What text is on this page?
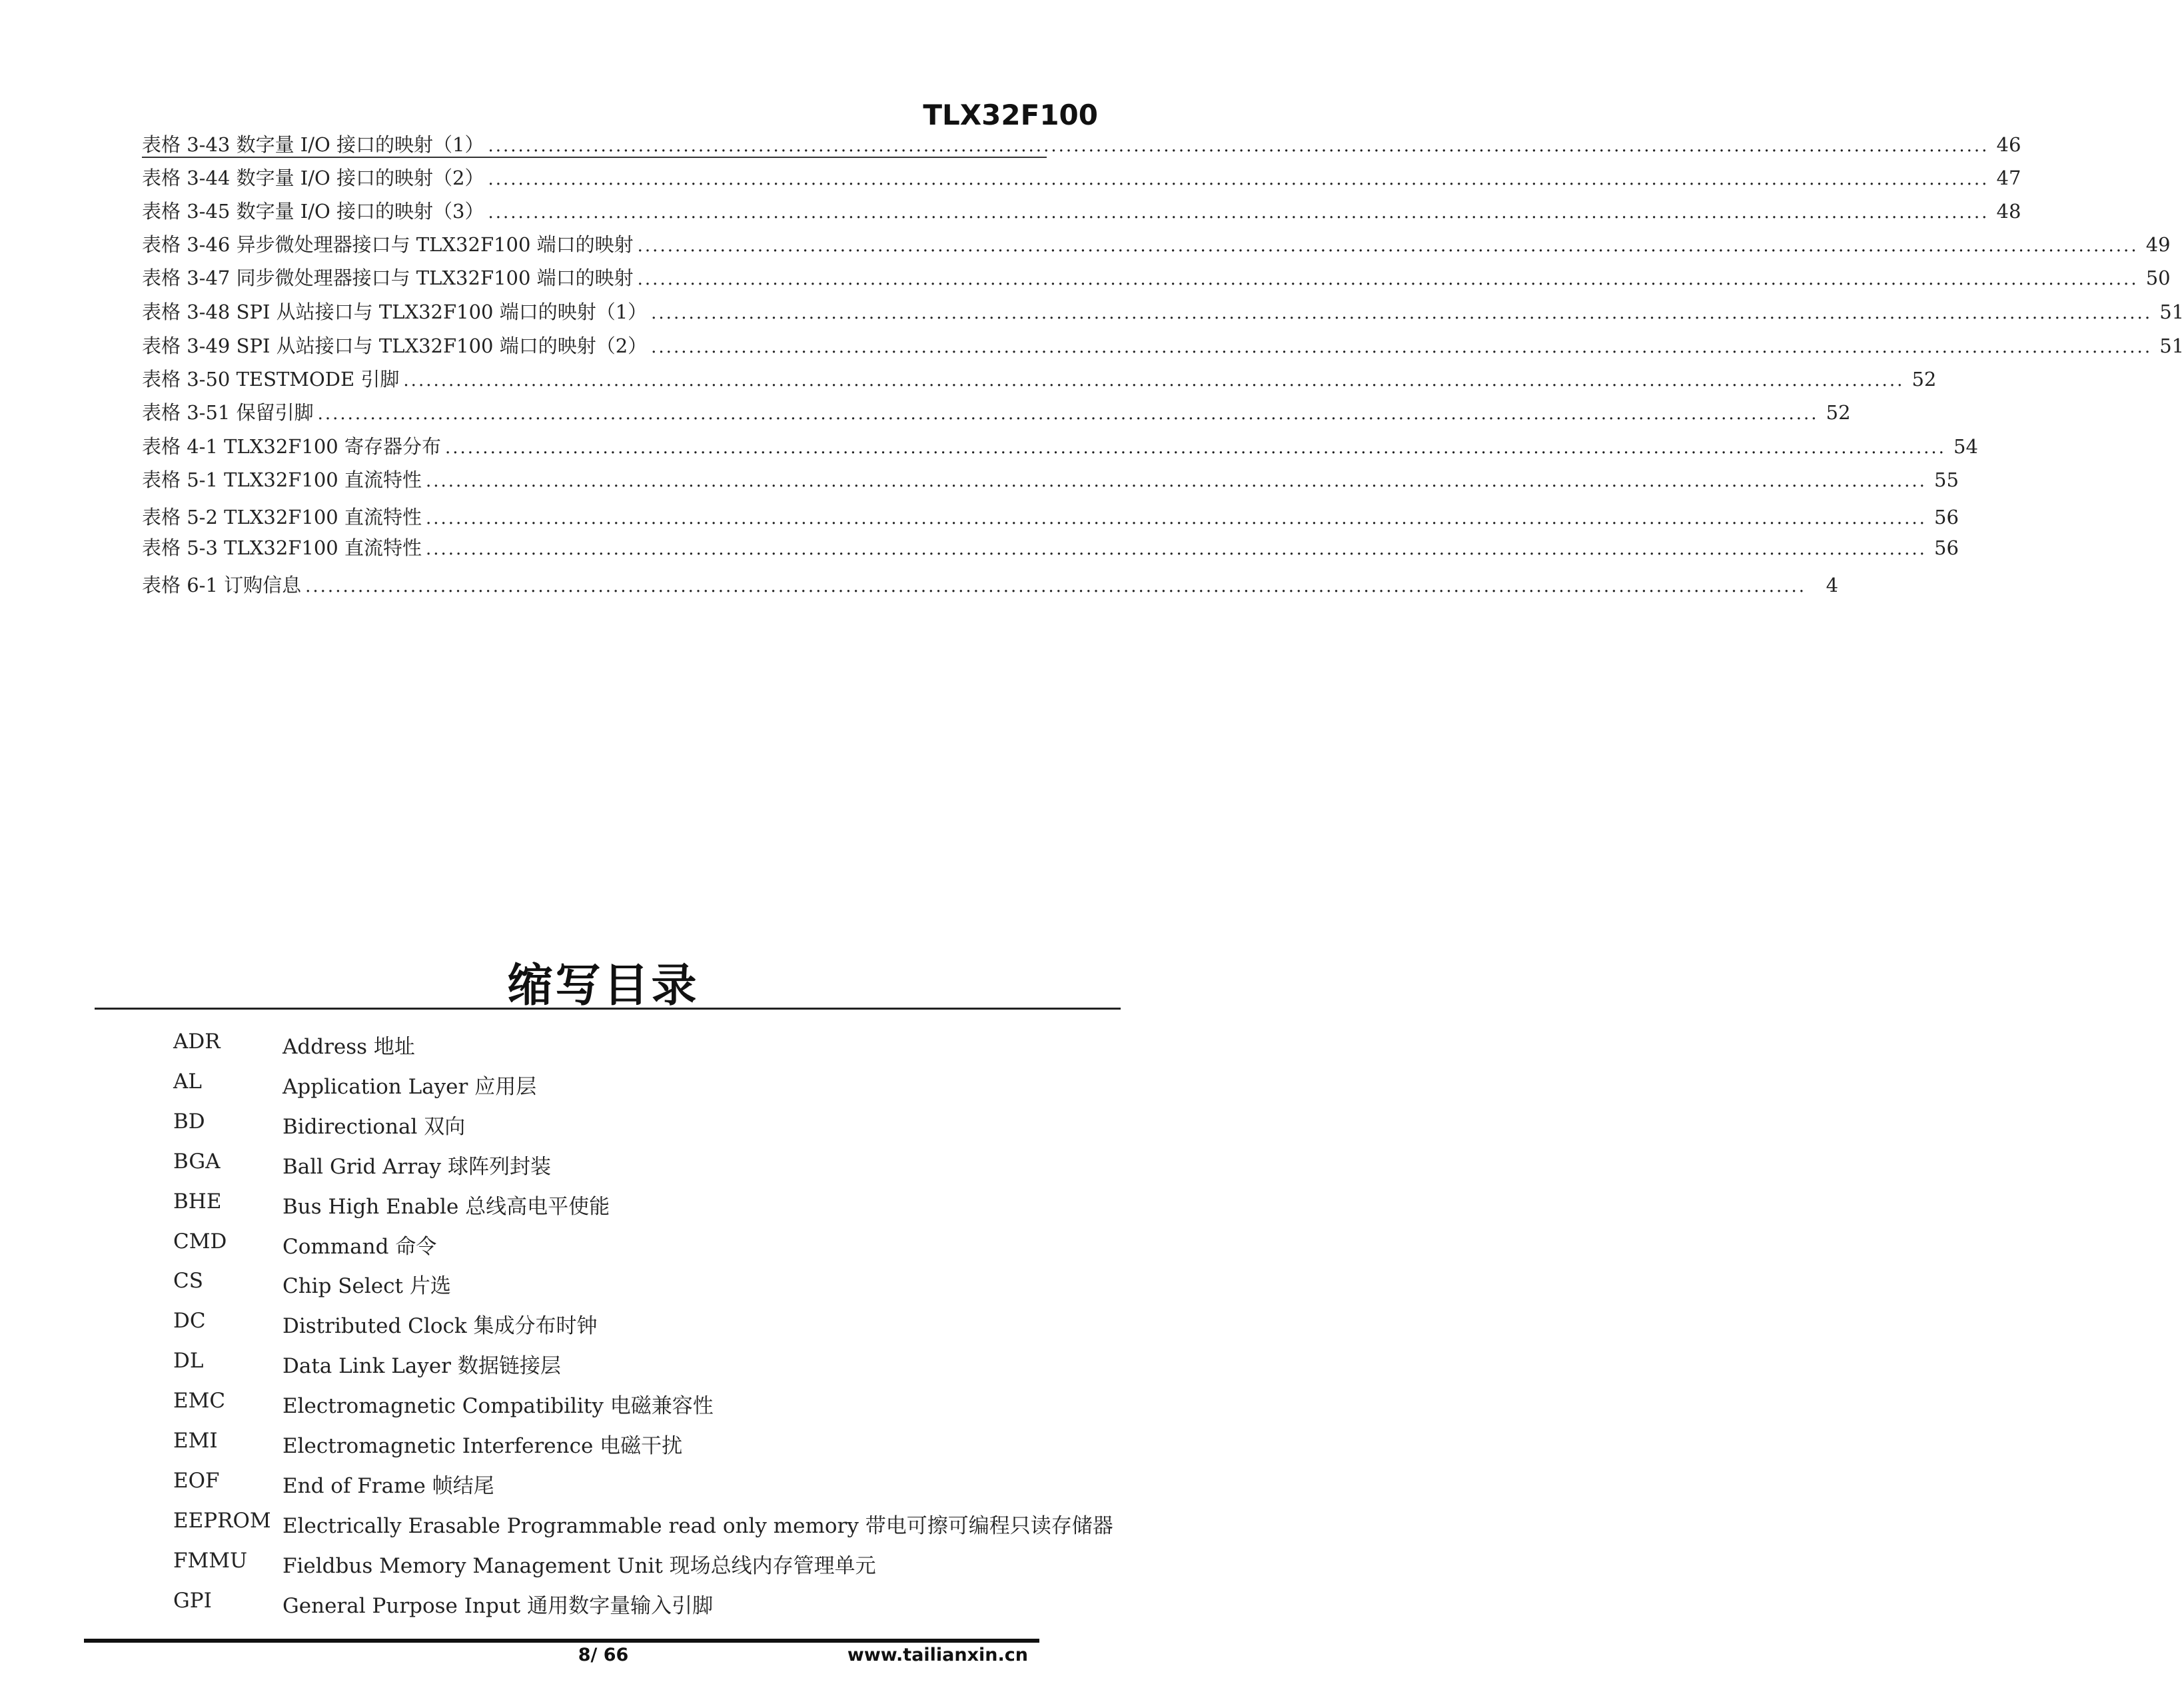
TLX32F100
表格 3-43 数字量 I/O 接口的映射（1） ........................................................................................................................................................................................................ 46
表格 3-44 数字量 I/O 接口的映射（2） ........................................................................................................................................................................................................ 47
表格 3-45 数字量 I/O 接口的映射（3） ........................................................................................................................................................................................................ 48
表格 3-46 异步微处理器接口与 TLX32F100 端口的映射 ........................................................................................................................................................................................................ 49
表格 3-47 同步微处理器接口与 TLX32F100 端口的映射 ........................................................................................................................................................................................................ 50
表格 3-48 SPI 从站接口与 TLX32F100 端口的映射（1） ........................................................................................................................................................................................................ 51
表格 3-49 SPI 从站接口与 TLX32F100 端口的映射（2） ........................................................................................................................................................................................................ 51
表格 3-50 TESTMODE 引脚 ........................................................................................................................................................................................................ 52
表格 3-51 保留引脚 ........................................................................................................................................................................................................ 52
表格 4-1 TLX32F100 寄存器分布 ........................................................................................................................................................................................................ 54
表格 5-1 TLX32F100 直流特性 ........................................................................................................................................................................................................ 55
表格 5-2 TLX32F100 直流特性 ........................................................................................................................................................................................................ 56
表格 5-3 TLX32F100 直流特性 ........................................................................................................................................................................................................ 56
表格 6-1 订购信息 ........................................................................................................................................................................................................	4
缩写目录
ADR	Address 地址
AL	Application Layer 应用层
BD	Bidirectional 双向
BGA	Ball Grid Array 球阵列封装
BHE	Bus High Enable 总线高电平使能
CMD	Command 命令
CS	Chip Select 片选
DC	Distributed Clock 集成分布时钟
DL	Data Link Layer 数据链接层
EMC	Electromagnetic Compatibility 电磁兼容性
EMI	Electromagnetic Interference 电磁干扰
EOF	End of Frame 帧结尾
EEPROM Electrically Erasable Programmable read only memory 带电可擦可编程只读存储器
FMMU Fieldbus Memory Management Unit 现场总线内存管理单元
GPI	General Purpose Input 通用数字量输入引脚
8/ 66	www.tailianxin.cn
